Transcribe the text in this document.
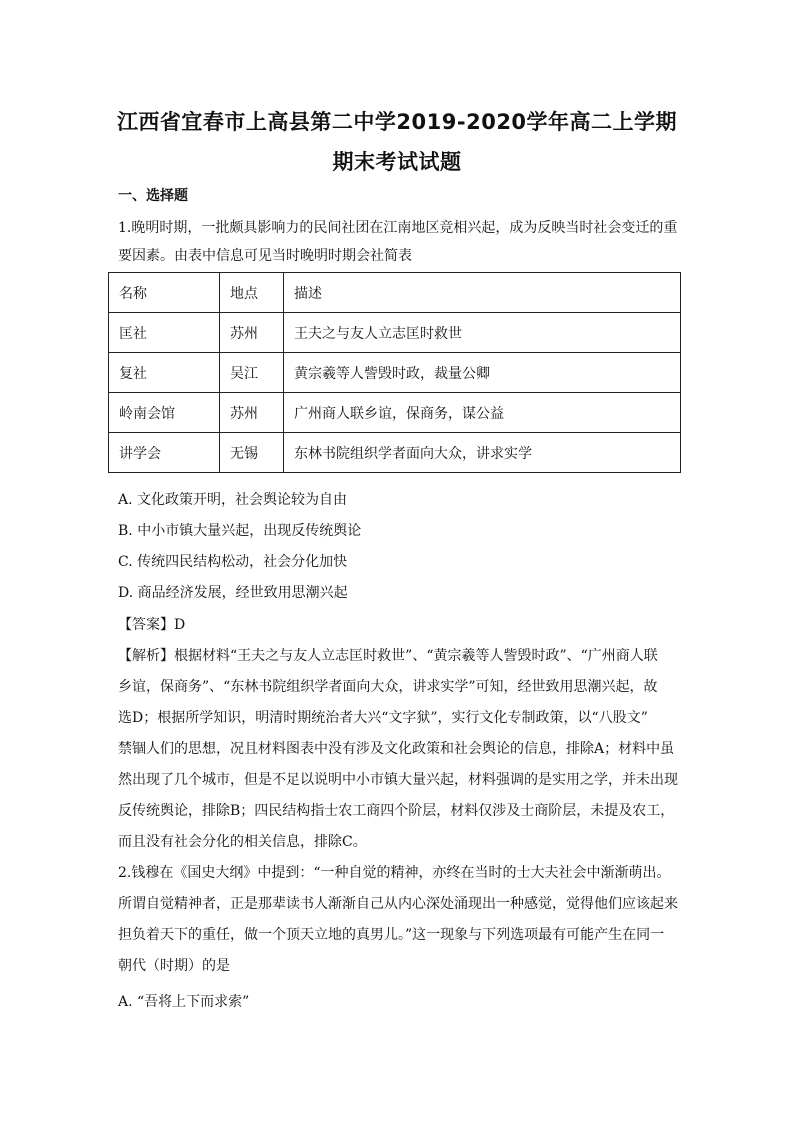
江西省宜春市上高县第二中学2019-2020学年高二上学期
期末考试试题

一、选择题

1.晚明时期，一批颇具影响力的民间社团在江南地区竞相兴起，成为反映当时社会变迁的重

要因素。由表中信息可见当时晚明时期会社简表

名称	地点	描述
匡社	苏州	王夫之与友人立志匡时救世
复社	吴江	黄宗羲等人訾毁时政，裁量公卿
岭南会馆	苏州	广州商人联乡谊，保商务，谋公益
讲学会	无锡	东林书院组织学者面向大众，讲求实学

A. 文化政策开明，社会舆论较为自由

B. 中小市镇大量兴起，出现反传统舆论

C. 传统四民结构松动，社会分化加快

D. 商品经济发展，经世致用思潮兴起

【答案】D

【解析】根据材料“王夫之与友人立志匡时救世”、“黄宗羲等人訾毁时政”、“广州商人联

乡谊，保商务”、“东林书院组织学者面向大众，讲求实学”可知，经世致用思潮兴起，故

选D；根据所学知识，明清时期统治者大兴“文字狱”，实行文化专制政策，以“八股文”

禁锢人们的思想，况且材料图表中没有涉及文化政策和社会舆论的信息，排除A；材料中虽

然出现了几个城市，但是不足以说明中小市镇大量兴起，材料强调的是实用之学，并未出现

反传统舆论，排除B；四民结构指士农工商四个阶层，材料仅涉及士商阶层，未提及农工，

而且没有社会分化的相关信息，排除C。

2.钱穆在《国史大纲》中提到：“一种自觉的精神，亦终在当时的士大夫社会中渐渐萌出。

所谓自觉精神者，正是那辈读书人渐渐自己从内心深处涌现出一种感觉，觉得他们应该起来

担负着天下的重任，做一个顶天立地的真男儿。”这一现象与下列选项最有可能产生在同一

朝代（时期）的是

A. “吾将上下而求索”
